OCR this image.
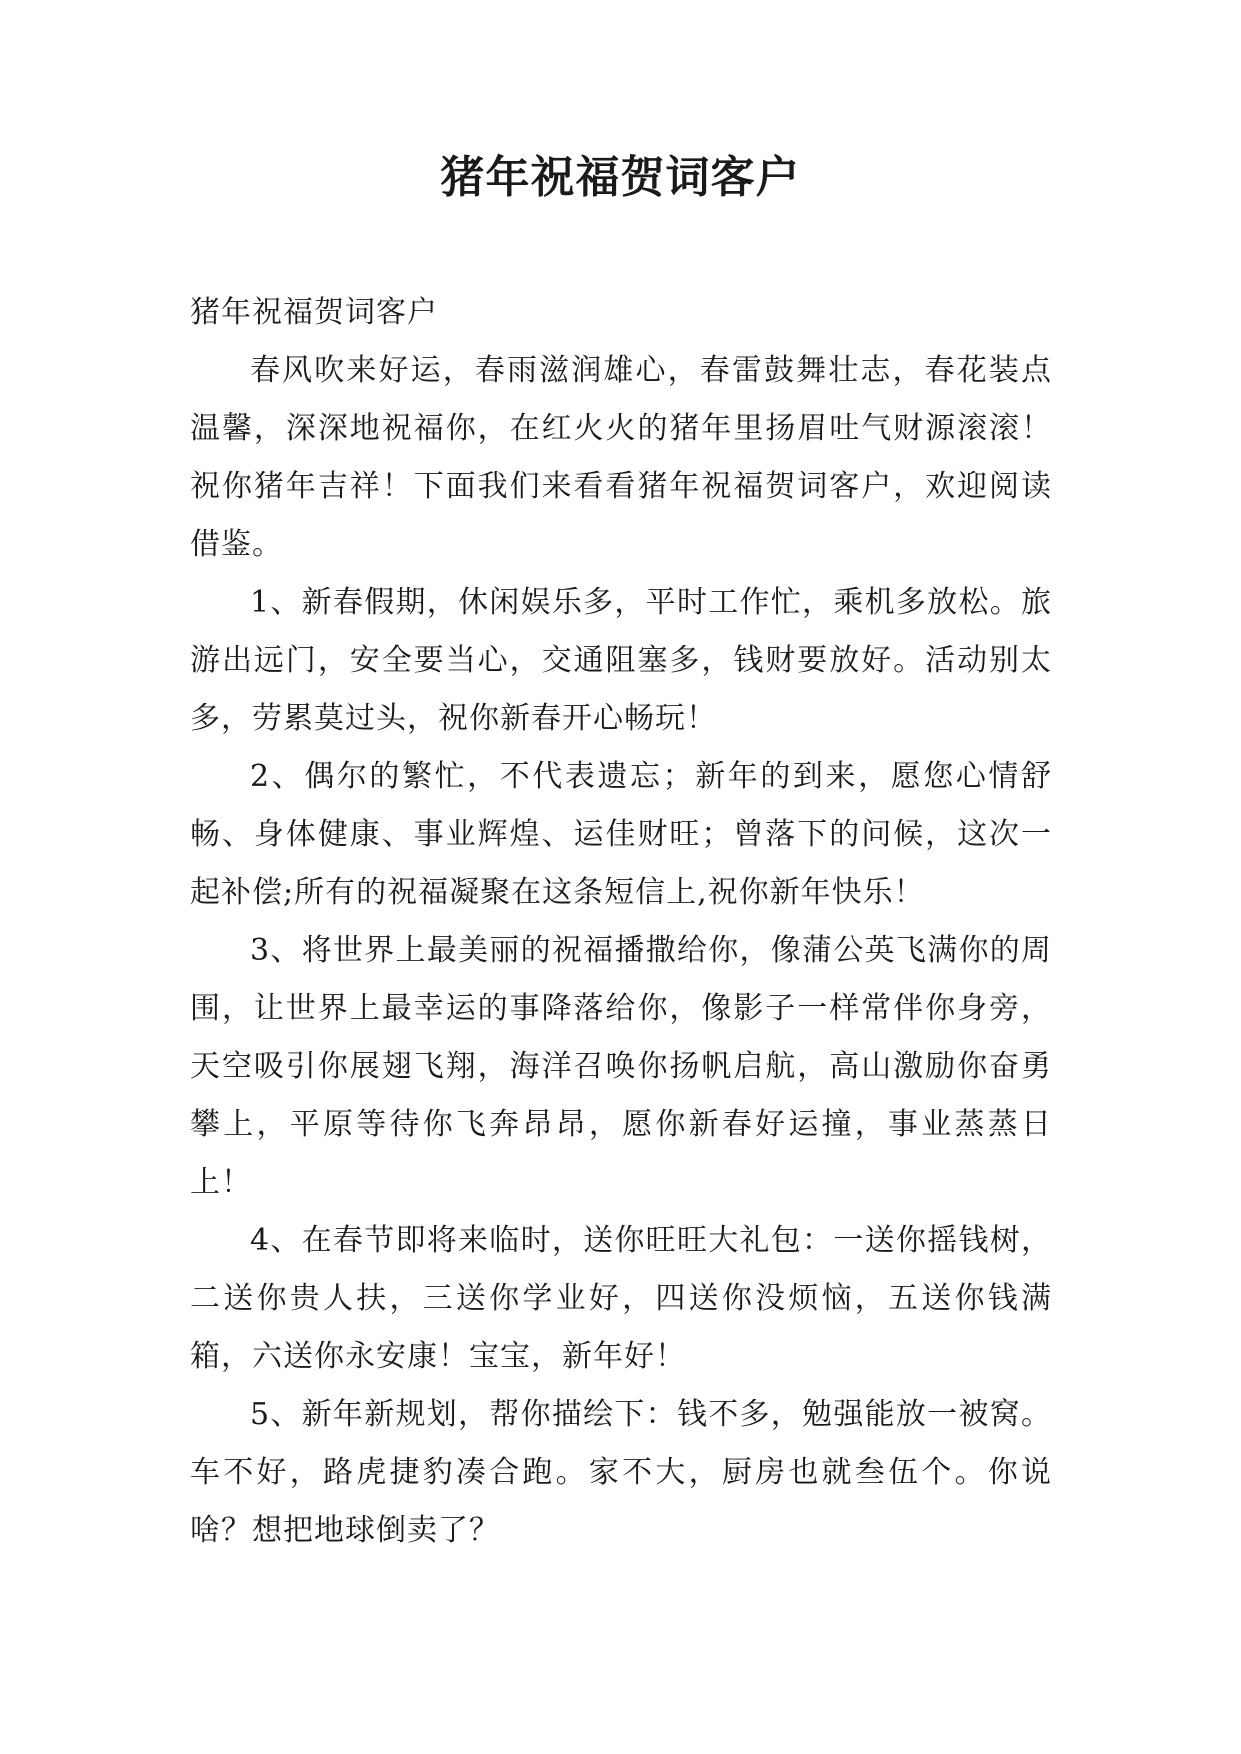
猪年祝福贺词客户

猪年祝福贺词客户

春风吹来好运，春雨滋润雄心，春雷鼓舞壮志，春花装点温馨，深深地祝福你，在红火火的猪年里扬眉吐气财源滚滚！祝你猪年吉祥！下面我们来看看猪年祝福贺词客户，欢迎阅读借鉴。

1、新春假期，休闲娱乐多，平时工作忙，乘机多放松。旅游出远门，安全要当心，交通阻塞多，钱财要放好。活动别太多，劳累莫过头，祝你新春开心畅玩！

2、偶尔的繁忙，不代表遗忘；新年的到来，愿您心情舒畅、身体健康、事业辉煌、运佳财旺；曾落下的问候，这次一起补偿;所有的祝福凝聚在这条短信上,祝你新年快乐！

3、将世界上最美丽的祝福播撒给你，像蒲公英飞满你的周围，让世界上最幸运的事降落给你，像影子一样常伴你身旁，天空吸引你展翅飞翔，海洋召唤你扬帆启航，高山激励你奋勇攀上，平原等待你飞奔昂昂，愿你新春好运撞，事业蒸蒸日上！

4、在春节即将来临时，送你旺旺大礼包：一送你摇钱树，二送你贵人扶，三送你学业好，四送你没烦恼，五送你钱满箱，六送你永安康！宝宝，新年好！

5、新年新规划，帮你描绘下：钱不多，勉强能放一被窝。车不好，路虎捷豹凑合跑。家不大，厨房也就叁伍个。你说啥？想把地球倒卖了？
